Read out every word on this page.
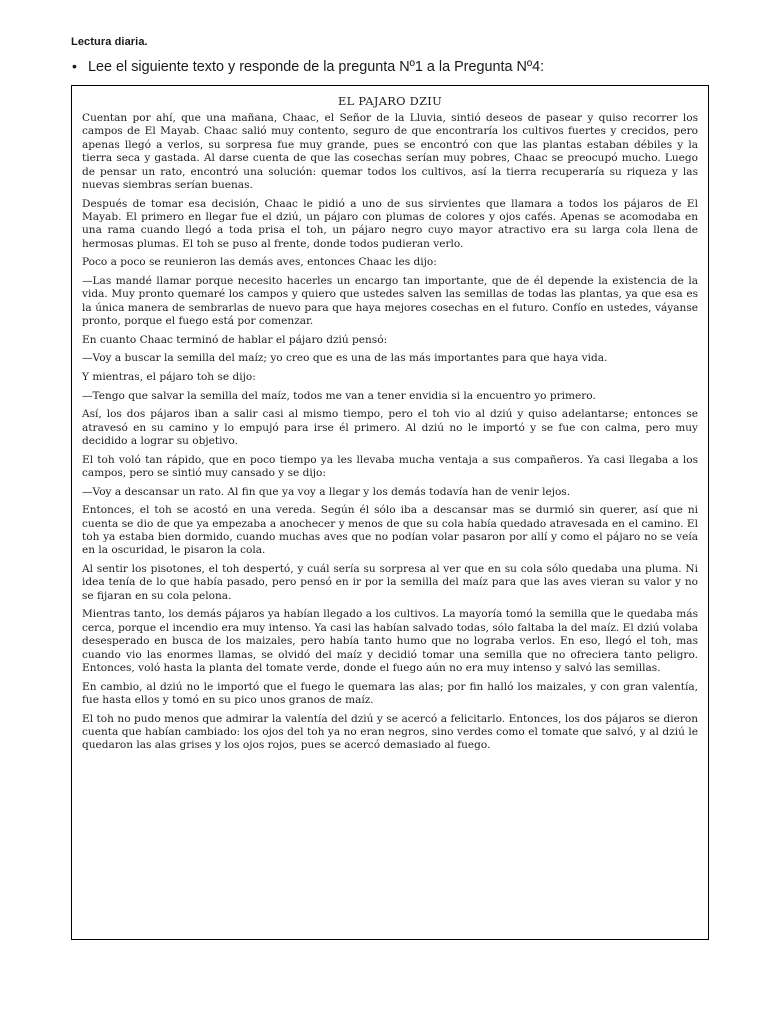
Lectura diaria.
• Lee el siguiente texto y responde de la pregunta Nº1 a la Pregunta Nº4:
EL PAJARO DZIU
Cuentan por ahí, que una mañana, Chaac, el Señor de la Lluvia, sintió deseos de pasear y quiso recorrer los campos de El Mayab. Chaac salió muy contento, seguro de que encontraría los cultivos fuertes y crecidos, pero apenas llegó a verlos, su sorpresa fue muy grande, pues se encontró con que las plantas estaban débiles y la tierra seca y gastada. Al darse cuenta de que las cosechas serían muy pobres, Chaac se preocupó mucho. Luego de pensar un rato, encontró una solución: quemar todos los cultivos, así la tierra recuperaría su riqueza y las nuevas siembras serían buenas.
Después de tomar esa decisión, Chaac le pidió a uno de sus sirvientes que llamara a todos los pájaros de El Mayab. El primero en llegar fue el dziú, un pájaro con plumas de colores y ojos cafés. Apenas se acomodaba en una rama cuando llegó a toda prisa el toh, un pájaro negro cuyo mayor atractivo era su larga cola llena de hermosas plumas. El toh se puso al frente, donde todos pudieran verlo.
Poco a poco se reunieron las demás aves, entonces Chaac les dijo:
—Las mandé llamar porque necesito hacerles un encargo tan importante, que de él depende la existencia de la vida. Muy pronto quemaré los campos y quiero que ustedes salven las semillas de todas las plantas, ya que esa es la única manera de sembrarlas de nuevo para que haya mejores cosechas en el futuro. Confío en ustedes, váyanse pronto, porque el fuego está por comenzar.
En cuanto Chaac terminó de hablar el pájaro dziú pensó:
—Voy a buscar la semilla del maíz; yo creo que es una de las más importantes para que haya vida.
Y mientras, el pájaro toh se dijo:
—Tengo que salvar la semilla del maíz, todos me van a tener envidia si la encuentro yo primero.
Así, los dos pájaros iban a salir casi al mismo tiempo, pero el toh vio al dziú y quiso adelantarse; entonces se atravesó en su camino y lo empujó para irse él primero. Al dziú no le importó y se fue con calma, pero muy decidido a lograr su objetivo.
El toh voló tan rápido, que en poco tiempo ya les llevaba mucha ventaja a sus compañeros. Ya casi llegaba a los campos, pero se sintió muy cansado y se dijo:
—Voy a descansar un rato. Al fin que ya voy a llegar y los demás todavía han de venir lejos.
Entonces, el toh se acostó en una vereda. Según él sólo iba a descansar mas se durmió sin querer, así que ni cuenta se dio de que ya empezaba a anochecer y menos de que su cola había quedado atravesada en el camino. El toh ya estaba bien dormido, cuando muchas aves que no podían volar pasaron por allí y como el pájaro no se veía en la oscuridad, le pisaron la cola.
Al sentir los pisotones, el toh despertó, y cuál sería su sorpresa al ver que en su cola sólo quedaba una pluma. Ni idea tenía de lo que había pasado, pero pensó en ir por la semilla del maíz para que las aves vieran su valor y no se fijaran en su cola pelona.
Mientras tanto, los demás pájaros ya habían llegado a los cultivos. La mayoría tomó la semilla que le quedaba más cerca, porque el incendio era muy intenso. Ya casi las habían salvado todas, sólo faltaba la del maíz. El dziú volaba desesperado en busca de los maizales, pero había tanto humo que no lograba verlos. En eso, llegó el toh, mas cuando vio las enormes llamas, se olvidó del maíz y decidió tomar una semilla que no ofreciera tanto peligro. Entonces, voló hasta la planta del tomate verde, donde el fuego aún no era muy intenso y salvó las semillas.
En cambio, al dziú no le importó que el fuego le quemara las alas; por fin halló los maizales, y con gran valentía, fue hasta ellos y tomó en su pico unos granos de maíz.
El toh no pudo menos que admirar la valentía del dziú y se acercó a felicitarlo. Entonces, los dos pájaros se dieron cuenta que habían cambiado: los ojos del toh ya no eran negros, sino verdes como el tomate que salvó, y al dziú le quedaron las alas grises y los ojos rojos, pues se acercó demasiado al fuego.
